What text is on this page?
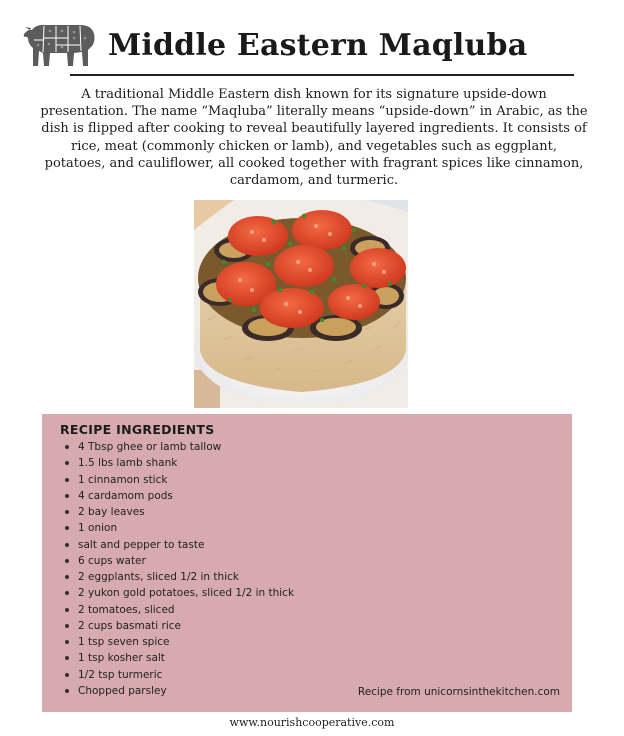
Middle Eastern Maqluba

A traditional Middle Eastern dish known for its signature upside-down presentation. The name “Maqluba” literally means “upside-down” in Arabic, as the dish is flipped after cooking to reveal beautifully layered ingredients. It consists of rice, meat (commonly chicken or lamb), and vegetables such as eggplant, potatoes, and cauliflower, all cooked together with fragrant spices like cinnamon, cardamom, and turmeric.

RECIPE INGREDIENTS
4 Tbsp ghee or lamb tallow
1.5 lbs lamb shank
1 cinnamon stick
4 cardamom pods
2 bay leaves
1 onion
salt and pepper to taste
6 cups water
2 eggplants, sliced 1/2 in thick
2 yukon gold potatoes, sliced 1/2 in thick
2 tomatoes, sliced
2 cups basmati rice
1 tsp seven spice
1 tsp kosher salt
1/2 tsp turmeric
Chopped parsley	Recipe from unicornsinthekitchen.com
www.nourishcooperative.com
